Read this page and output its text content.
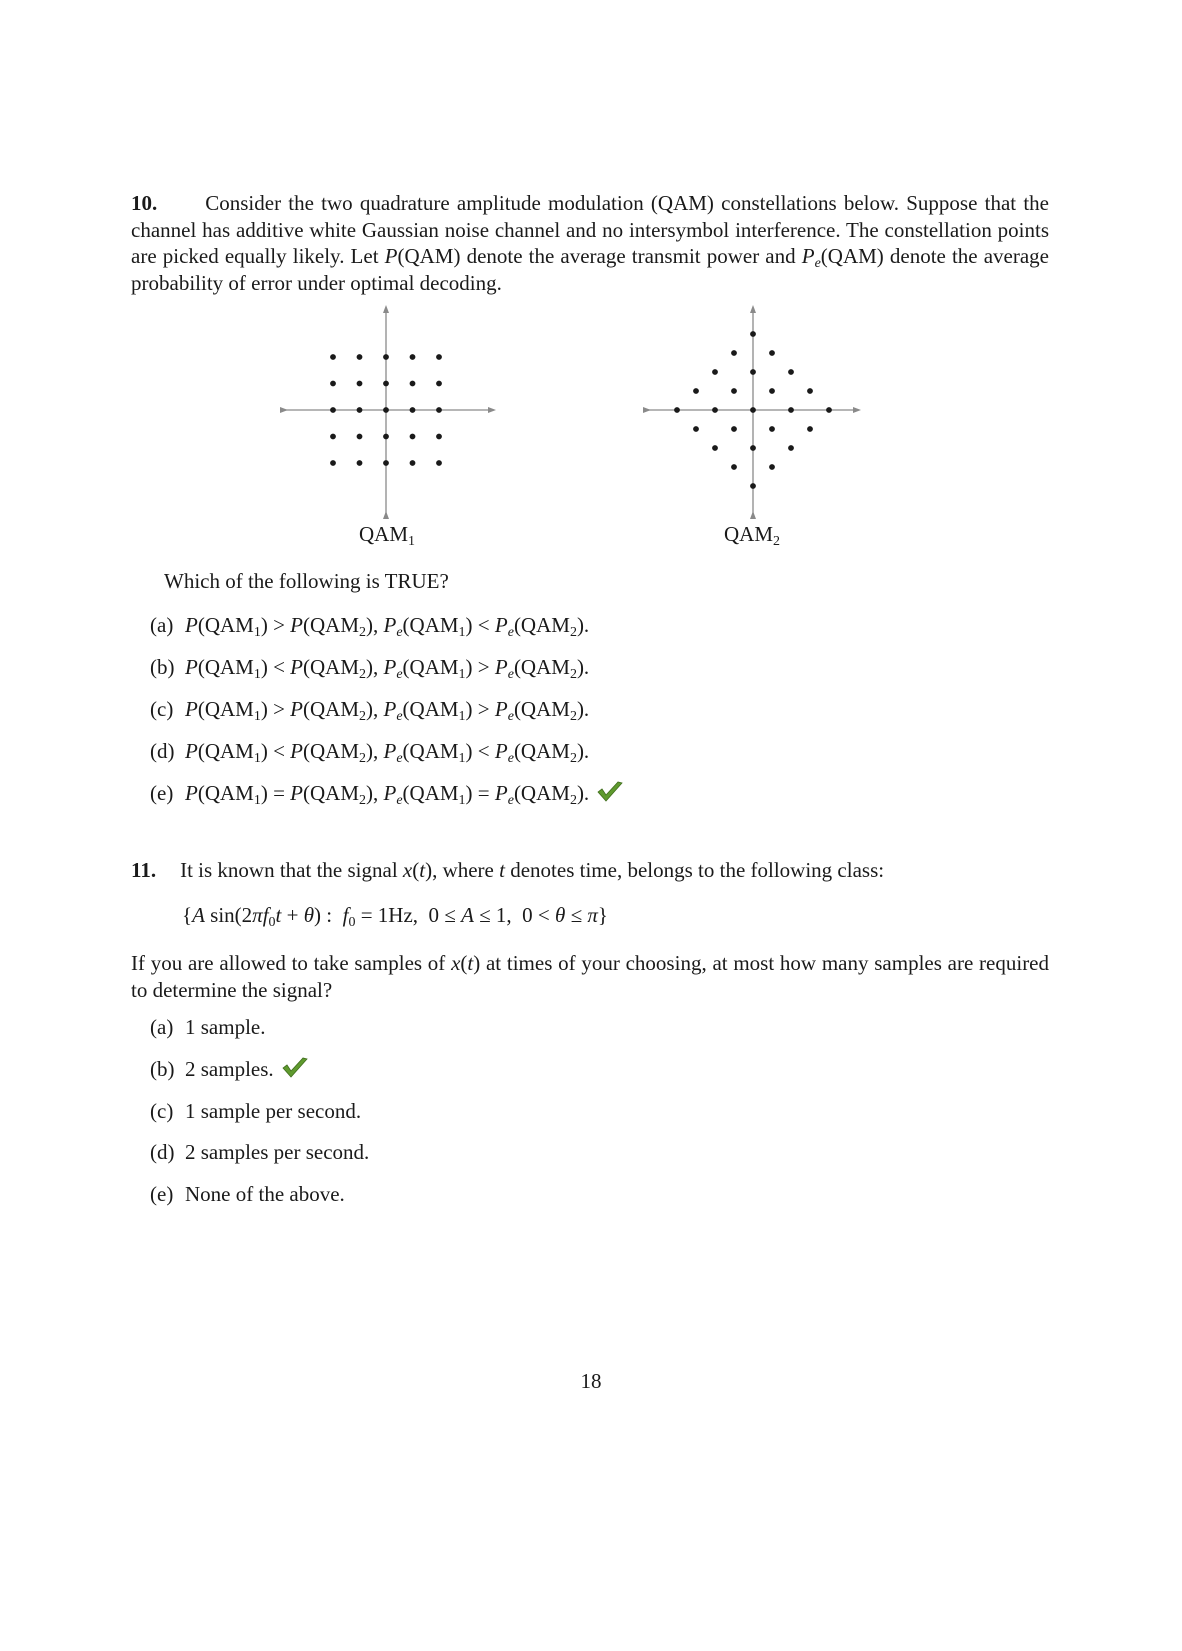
10. Consider the two quadrature amplitude modulation (QAM) constellations below. Suppose that the channel has additive white Gaussian noise channel and no intersymbol interference. The constellation points are picked equally likely. Let P(QAM) denote the average transmit power and $P_e(QAM)$ denote the average probability of error under optimal decoding.
$QAM_1$	$QAM_2$
Which of the following is TRUE?
(a) $P(QAM_1) > P(QAM_2)$, $P_e(QAM_1) < P_e(QAM_2)$.
(b) $P(QAM_1) < P(QAM_2)$, $P_e(QAM_1) > P_e(QAM_2)$.
(c) $P(QAM_1) > P(QAM_2)$, $P_e(QAM_1) > P_e(QAM_2)$.
(d) $P(QAM_1) < P(QAM_2)$, $P_e(QAM_1) < P_e(QAM_2)$.
(e) $P(QAM_1) = P(QAM_2)$, $P_e(QAM_1) = P_e(QAM_2)$.
11. It is known that the signal x(t), where t denotes time, belongs to the following class:
{A $\sin(2\pi f_0t + \theta)$ :  $f_0 = 1Hz$,  0 ≤ A ≤ 1,  0 < θ ≤ π}
If you are allowed to take samples of x(t) at times of your choosing, at most how many samples are required to determine the signal?
(a) 1 sample.
(b) 2 samples.
(c) 1 sample per second.
(d) 2 samples per second.
(e) None of the above.
18
